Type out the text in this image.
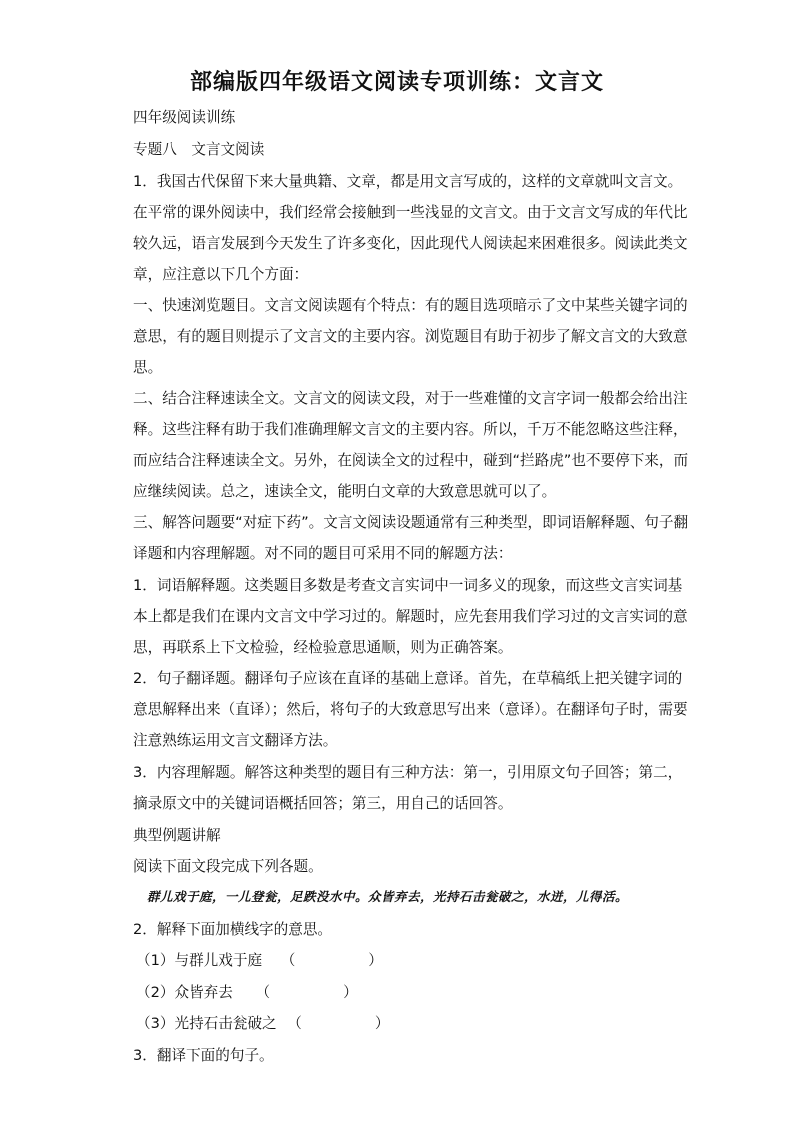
部编版四年级语文阅读专项训练：文言文
四年级阅读训练
专题八　文言文阅读
1．我国古代保留下来大量典籍、文章，都是用文言写成的，这样的文章就叫文言文。
在平常的课外阅读中，我们经常会接触到一些浅显的文言文。由于文言文写成的年代比
较久远，语言发展到今天发生了许多变化，因此现代人阅读起来困难很多。阅读此类文
章，应注意以下几个方面：
一、快速浏览题目。文言文阅读题有个特点：有的题目选项暗示了文中某些关键字词的
意思，有的题目则提示了文言文的主要内容。浏览题目有助于初步了解文言文的大致意
思。
二、结合注释速读全文。文言文的阅读文段，对于一些难懂的文言字词一般都会给出注
释。这些注释有助于我们准确理解文言文的主要内容。所以，千万不能忽略这些注释，
而应结合注释速读全文。另外，在阅读全文的过程中，碰到“拦路虎”也不要停下来，而
应继续阅读。总之，速读全文，能明白文章的大致意思就可以了。
三、解答问题要“对症下药”。文言文阅读设题通常有三种类型，即词语解释题、句子翻
译题和内容理解题。对不同的题目可采用不同的解题方法：
1．词语解释题。这类题目多数是考查文言实词中一词多义的现象，而这些文言实词基
本上都是我们在课内文言文中学习过的。解题时，应先套用我们学习过的文言实词的意
思，再联系上下文检验，经检验意思通顺，则为正确答案。
2．句子翻译题。翻译句子应该在直译的基础上意译。首先，在草稿纸上把关键字词的
意思解释出来（直译）；然后，将句子的大致意思写出来（意译）。在翻译句子时，需要
注意熟练运用文言文翻译方法。
3．内容理解题。解答这种类型的题目有三种方法：第一，引用原文句子回答；第二，
摘录原文中的关键词语概括回答；第三，用自己的话回答。
典型例题讲解
阅读下面文段完成下列各题。
群儿戏于庭，一儿登瓮，足跌没水中。众皆弃去，光持石击瓮破之，水迸，儿得活。
2．解释下面加横线字的意思。
（1）与群儿戏于庭 （　　　　　）
（2）众皆弃去 （　　　　　）
（3）光持石击瓮破之 （　　　　　）
3．翻译下面的句子。
